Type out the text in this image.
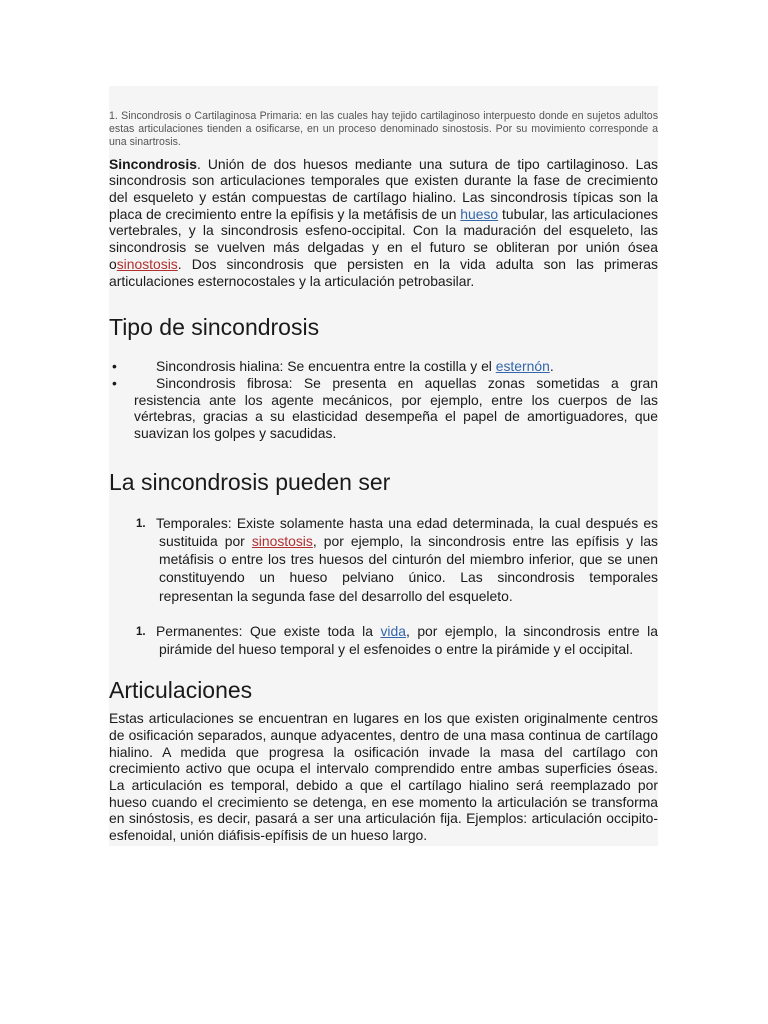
1. Sincondrosis o Cartilaginosa Primaria: en las cuales hay tejido cartilaginoso interpuesto donde en sujetos adultos estas articulaciones tienden a osificarse, en un proceso denominado sinostosis. Por su movimiento corresponde a una sinartrosis.
Sincondrosis. Unión de dos huesos mediante una sutura de tipo cartilaginoso. Las sincondrosis son articulaciones temporales que existen durante la fase de crecimiento del esqueleto y están compuestas de cartílago hialino. Las sincondrosis típicas son la placa de crecimiento entre la epífisis y la metáfisis de un hueso tubular, las articulaciones vertebrales, y la sincondrosis esfeno-occipital. Con la maduración del esqueleto, las sincondrosis se vuelven más delgadas y en el futuro se obliteran por unión ósea osinostosis. Dos sincondrosis que persisten en la vida adulta son las primeras articulaciones esternocostales y la articulación petrobasilar.
Tipo de sincondrosis
•	Sincondrosis hialina: Se encuentra entre la costilla y el esternón.
•	Sincondrosis fibrosa: Se presenta en aquellas zonas sometidas a gran resistencia ante los agente mecánicos, por ejemplo, entre los cuerpos de las vértebras, gracias a su elasticidad desempeña el papel de amortiguadores, que suavizan los golpes y sacudidas.
La sincondrosis pueden ser
1. Temporales: Existe solamente hasta una edad determinada, la cual después es sustituida por sinostosis, por ejemplo, la sincondrosis entre las epífisis y las metáfisis o entre los tres huesos del cinturón del miembro inferior, que se unen constituyendo un hueso pelviano único. Las sincondrosis temporales representan la segunda fase del desarrollo del esqueleto.
1. Permanentes: Que existe toda la vida, por ejemplo, la sincondrosis entre la pirámide del hueso temporal y el esfenoides o entre la pirámide y el occipital.
Articulaciones
Estas articulaciones se encuentran en lugares en los que existen originalmente centros de osificación separados, aunque adyacentes, dentro de una masa continua de cartílago hialino. A medida que progresa la osificación invade la masa del cartílago con crecimiento activo que ocupa el intervalo comprendido entre ambas superficies óseas. La articulación es temporal, debido a que el cartílago hialino será reemplazado por hueso cuando el crecimiento se detenga, en ese momento la articulación se transforma en sinóstosis, es decir, pasará a ser una articulación fija. Ejemplos: articulación occipito-esfenoidal, unión diáfisis-epífisis de un hueso largo.
